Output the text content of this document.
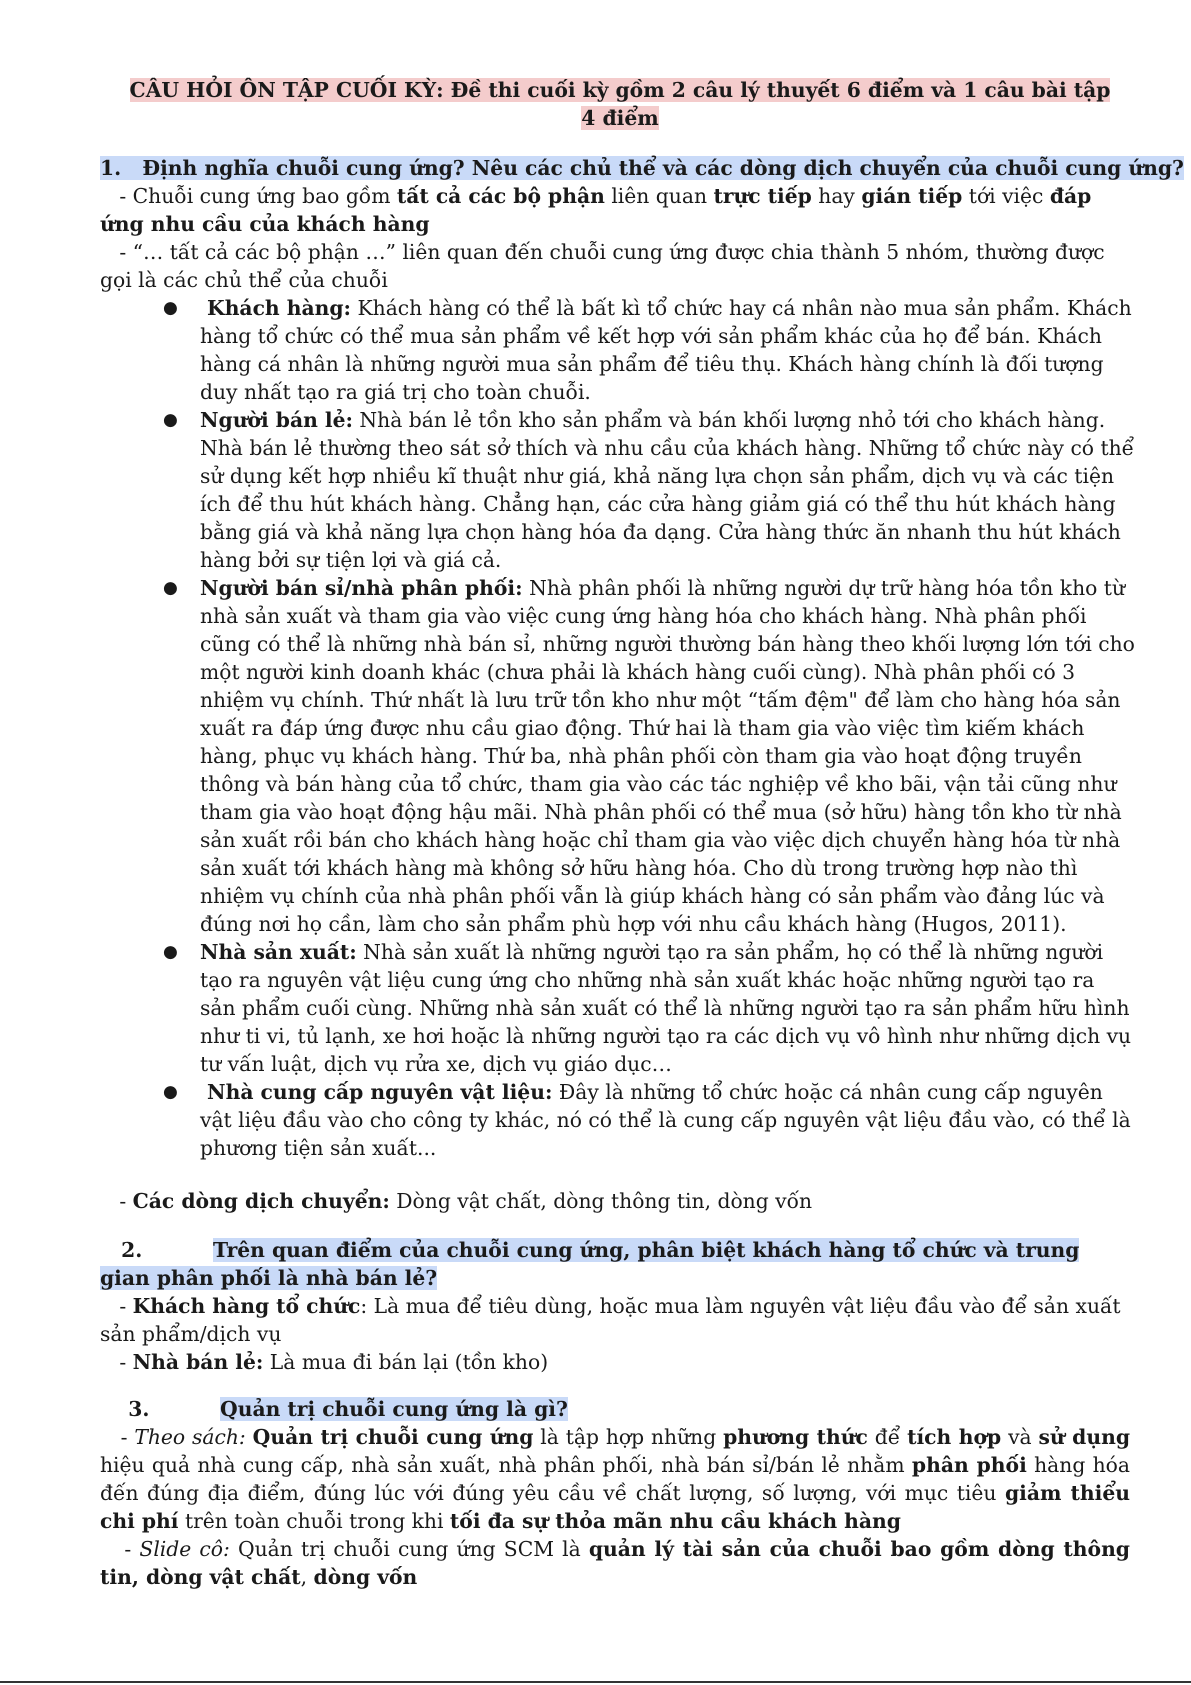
CÂU HỎI ÔN TẬP CUỐI KỲ: Đề thi cuối kỳ gồm 2 câu lý thuyết 6 điểm và 1 câu bài tập 4 điểm
1.   Định nghĩa chuỗi cung ứng? Nêu các chủ thể và các dòng dịch chuyển của chuỗi cung ứng?
- Chuỗi cung ứng bao gồm tất cả các bộ phận liên quan trực tiếp hay gián tiếp tới việc đáp ứng nhu cầu của khách hàng
- “… tất cả các bộ phận …” liên quan đến chuỗi cung ứng được chia thành 5 nhóm, thường được gọi là các chủ thể của chuỗi
●  Khách hàng: Khách hàng có thể là bất kì tổ chức hay cá nhân nào mua sản phẩm. Khách hàng tổ chức có thể mua sản phẩm về kết hợp với sản phẩm khác của họ để bán. Khách hàng cá nhân là những người mua sản phẩm để tiêu thụ. Khách hàng chính là đối tượng duy nhất tạo ra giá trị cho toàn chuỗi.
● Người bán lẻ: Nhà bán lẻ tồn kho sản phẩm và bán khối lượng nhỏ tới cho khách hàng. Nhà bán lẻ thường theo sát sở thích và nhu cầu của khách hàng. Những tổ chức này có thể sử dụng kết hợp nhiều kĩ thuật như giá, khả năng lựa chọn sản phẩm, dịch vụ và các tiện ích để thu hút khách hàng. Chẳng hạn, các cửa hàng giảm giá có thể thu hút khách hàng bằng giá và khả năng lựa chọn hàng hóa đa dạng. Cửa hàng thức ăn nhanh thu hút khách hàng bởi sự tiện lợi và giá cả.
● Người bán sỉ/nhà phân phối: Nhà phân phối là những người dự trữ hàng hóa tồn kho từ nhà sản xuất và tham gia vào việc cung ứng hàng hóa cho khách hàng. Nhà phân phối cũng có thể là những nhà bán sỉ, những người thường bán hàng theo khối lượng lớn tới cho một người kinh doanh khác (chưa phải là khách hàng cuối cùng). Nhà phân phối có 3 nhiệm vụ chính. Thứ nhất là lưu trữ tồn kho như một “tấm đệm" để làm cho hàng hóa sản xuất ra đáp ứng được nhu cầu giao động. Thứ hai là tham gia vào việc tìm kiếm khách hàng, phục vụ khách hàng. Thứ ba, nhà phân phối còn tham gia vào hoạt động truyền thông và bán hàng của tổ chức, tham gia vào các tác nghiệp về kho bãi, vận tải cũng như tham gia vào hoạt động hậu mãi. Nhà phân phối có thể mua (sở hữu) hàng tồn kho từ nhà sản xuất rồi bán cho khách hàng hoặc chỉ tham gia vào việc dịch chuyển hàng hóa từ nhà sản xuất tới khách hàng mà không sở hữu hàng hóa. Cho dù trong trường hợp nào thì nhiệm vụ chính của nhà phân phối vẫn là giúp khách hàng có sản phẩm vào đảng lúc và đúng nơi họ cần, làm cho sản phẩm phù hợp với nhu cầu khách hàng (Hugos, 2011).
● Nhà sản xuất: Nhà sản xuất là những người tạo ra sản phẩm, họ có thể là những người tạo ra nguyên vật liệu cung ứng cho những nhà sản xuất khác hoặc những người tạo ra sản phẩm cuối cùng. Những nhà sản xuất có thể là những người tạo ra sản phẩm hữu hình như ti vi, tủ lạnh, xe hơi hoặc là những người tạo ra các dịch vụ vô hình như những dịch vụ tư vấn luật, dịch vụ rửa xe, dịch vụ giáo dục…
●  Nhà cung cấp nguyên vật liệu: Đây là những tổ chức hoặc cá nhân cung cấp nguyên vật liệu đầu vào cho công ty khác, nó có thể là cung cấp nguyên vật liệu đầu vào, có thể là phương tiện sản xuất...
- Các dòng dịch chuyển: Dòng vật chất, dòng thông tin, dòng vốn
2.          Trên quan điểm của chuỗi cung ứng, phân biệt khách hàng tổ chức và trung gian phân phối là nhà bán lẻ?
- Khách hàng tổ chức: Là mua để tiêu dùng, hoặc mua làm nguyên vật liệu đầu vào để sản xuất sản phẩm/dịch vụ
- Nhà bán lẻ: Là mua đi bán lại (tồn kho)
3.          Quản trị chuỗi cung ứng là gì?
- Theo sách: Quản trị chuỗi cung ứng là tập hợp những phương thức để tích hợp và sử dụng hiệu quả nhà cung cấp, nhà sản xuất, nhà phân phối, nhà bán sỉ/bán lẻ nhằm phân phối hàng hóa đến đúng địa điểm, đúng lúc với đúng yêu cầu về chất lượng, số lượng, với mục tiêu giảm thiểu chi phí trên toàn chuỗi trong khi tối đa sự thỏa mãn nhu cầu khách hàng
- Slide cô: Quản trị chuỗi cung ứng SCM là quản lý tài sản của chuỗi bao gồm dòng thông tin, dòng vật chất, dòng vốn
